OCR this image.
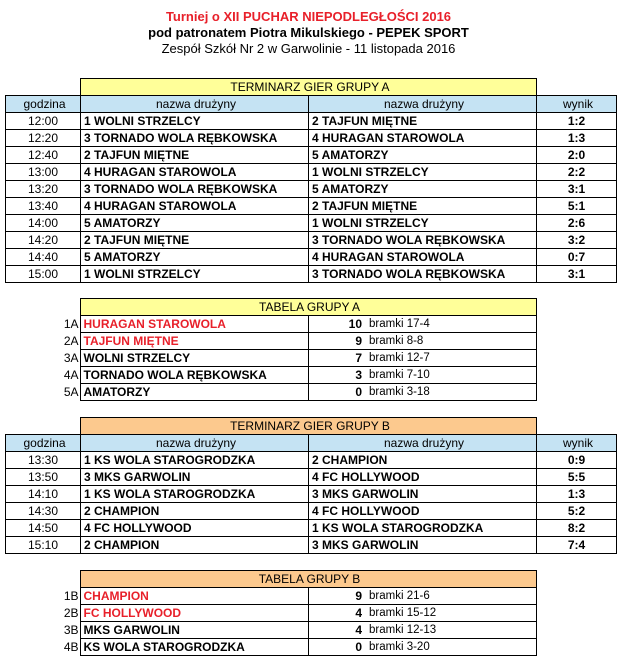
Turniej o XII PUCHAR NIEPODLEGŁOŚCI 2016
pod patronatem Piotra Mikulskiego - PEPEK SPORT
Zespół Szkół Nr 2 w Garwolinie - 11 listopada 2016
	TERMINARZ GIER GRUPY A		
godzina	nazwa drużyny	nazwa drużyny	wynik
12:00	1 WOLNI STRZELCY	2 TAJFUN MIĘTNE	1:2
12:20	3 TORNADO WOLA RĘBKOWSKA	4 HURAGAN STAROWOLA	1:3
12:40	2 TAJFUN MIĘTNE	5 AMATORZY	2:0
13:00	4 HURAGAN STAROWOLA	1 WOLNI STRZELCY	2:2
13:20	3 TORNADO WOLA RĘBKOWSKA	5 AMATORZY	3:1
13:40	4 HURAGAN STAROWOLA	2 TAJFUN MIĘTNE	5:1
14:00	5 AMATORZY	1 WOLNI STRZELCY	2:6
14:20	2 TAJFUN MIĘTNE	3 TORNADO WOLA RĘBKOWSKA	3:2
14:40	5 AMATORZY	4 HURAGAN STAROWOLA	0:7
15:00	1 WOLNI STRZELCY	3 TORNADO WOLA RĘBKOWSKA	3:1
	TABELA GRUPY A		
1A	HURAGAN STAROWOLA	10	bramki 17-4
2A	TAJFUN MIĘTNE	9	bramki 8-8
3A	WOLNI STRZELCY	7	bramki 12-7
4A	TORNADO WOLA RĘBKOWSKA	3	bramki 7-10
5A	AMATORZY	0	bramki 3-18
	TERMINARZ GIER GRUPY B		
godzina	nazwa drużyny	nazwa drużyny	wynik
13:30	1 KS WOLA STAROGRODZKA	2 CHAMPION	0:9
13:50	3 MKS GARWOLIN	4 FC HOLLYWOOD	5:5
14:10	1 KS WOLA STAROGRODZKA	3 MKS GARWOLIN	1:3
14:30	2 CHAMPION	4 FC HOLLYWOOD	5:2
14:50	4 FC HOLLYWOOD	1 KS WOLA STAROGRODZKA	8:2
15:10	2 CHAMPION	3 MKS GARWOLIN	7:4
	TABELA GRUPY B		
1B	CHAMPION	9	bramki 21-6
2B	FC HOLLYWOOD	4	bramki 15-12
3B	MKS GARWOLIN	4	bramki 12-13
4B	KS WOLA STAROGRODZKA	0	bramki 3-20
